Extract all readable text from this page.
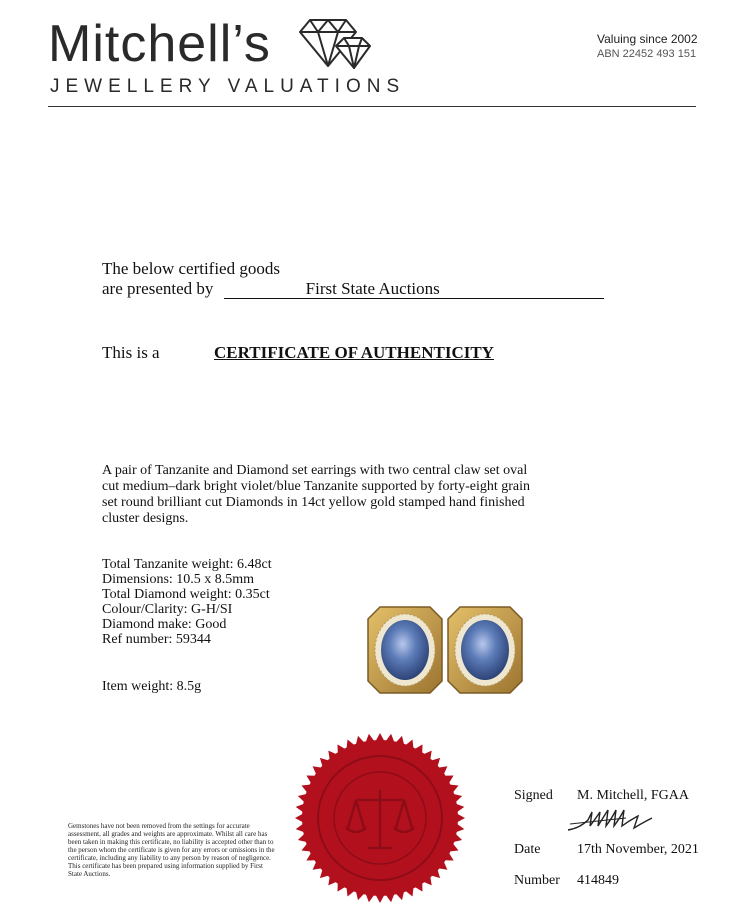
Mitchell’s
JEWELLERY VALUATIONS
Valuing since 2002
ABN 22452 493 151
The below certified goods
are presented by	First State Auctions
This is a	CERTIFICATE OF AUTHENTICITY
A pair of Tanzanite and Diamond set earrings with two central claw set oval cut medium–dark bright violet/blue Tanzanite supported by forty-eight grain set round brilliant cut Diamonds in 14ct yellow gold stamped hand finished cluster designs.
Total Tanzanite weight: 6.48ct
Dimensions: 10.5 x 8.5mm
Total Diamond weight: 0.35ct
Colour/Clarity: G-H/SI
Diamond make: Good
Ref number: 59344
Item weight: 8.5g
Gemstones have not been removed from the settings for accurate assessment, all grades and weights are approximate. Whilst all care has been taken in making this certificate, no liability is accepted other than to the person whom the certificate is given for any errors or omissions in the certificate, including any liability to any person by reason of negligence. This certificate has been prepared using information supplied by First State Auctions.
Signed M. Mitchell, FGAA
Date	17th November, 2021
Number 414849
